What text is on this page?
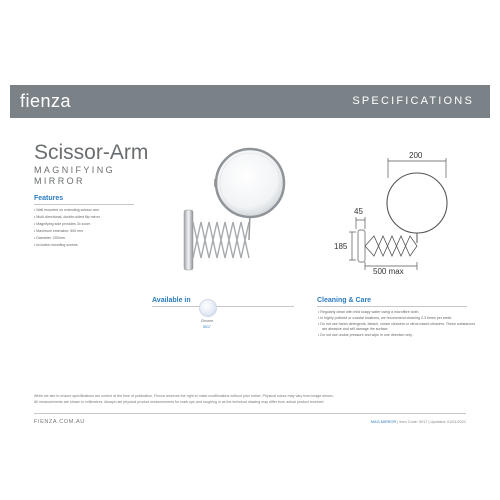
fienza	SPECIFICATIONS
Scissor-Arm
MAGNIFYING
MIRROR
Features
• Wall mounted on extending scissor arm
• Multi-directional, double-sided flip mirror
• Magnifying side provides 3x zoom
• Maximum extension: 500 mm
• Diameter: 200mm
• Includes mounting screws
200
45
185
500 max
Available in
Chrome
5017
Cleaning & Care
• Regularly clean with mild soapy water using a microfibre cloth.
• In highly polluted or coastal locations, we recommend cleaning 2-3 times per week.
• Do not use harsh detergents, bleach, cream cleaners or citrus based cleaners. These substances are abrasive and will damage the surface.
• Do not use undue pressure and wipe in one direction only.
While we aim to ensure specifications are correct at the time of publication, Fienza reserves the right to make modifications without prior notice. Physical colour may vary from image shown.
All measurements are shown in millimetres. Always use physical product measurements for mark ups and roughing in as the technical drawing may differ from actual product received.
FIENZA.COM.AU	MAG-MIRROR | Item Code: 5017 | Updated: 01/01/2021
